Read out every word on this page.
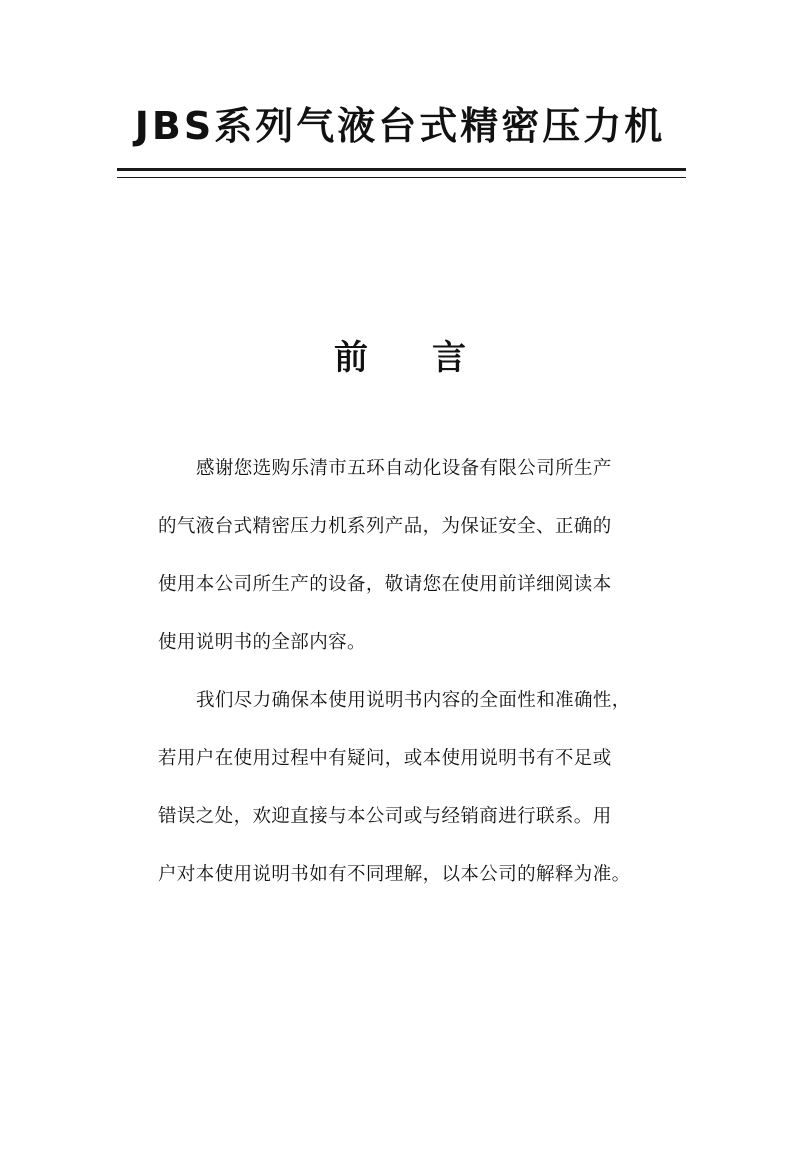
JBS系列气液台式精密压力机
前 言
感谢您选购乐清市五环自动化设备有限公司所生产
的气液台式精密压力机系列产品，为保证安全、正确的
使用本公司所生产的设备，敬请您在使用前详细阅读本
使用说明书的全部内容。
我们尽力确保本使用说明书内容的全面性和准确性，
若用户在使用过程中有疑问，或本使用说明书有不足或
错误之处，欢迎直接与本公司或与经销商进行联系。用
户对本使用说明书如有不同理解，以本公司的解释为准。
